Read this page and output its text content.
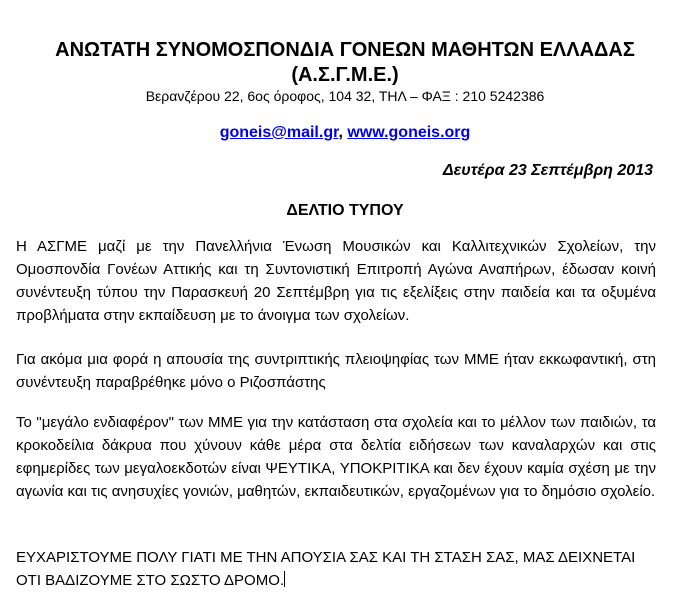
ΑΝΩΤΑΤΗ ΣΥΝΟΜΟΣΠΟΝΔΙΑ ΓΟΝΕΩΝ ΜΑΘΗΤΩΝ ΕΛΛΑΔΑΣ
(Α.Σ.Γ.Μ.Ε.)
Βερανζέρου 22, 6ος όροφος, 104 32, ΤΗΛ – ΦΑΞ : 210 5242386
goneis@mail.gr, www.goneis.org
Δευτέρα 23 Σεπτέμβρη 2013
ΔΕΛΤΙΟ ΤΥΠΟΥ
Η ΑΣΓΜΕ μαζί με την Πανελλήνια Ένωση Μουσικών και Καλλιτεχνικών Σχολείων, την Ομοσπονδία Γονέων Αττικής και τη Συντονιστική Επιτροπή Αγώνα Αναπήρων, έδωσαν κοινή συνέντευξη τύπου την Παρασκευή 20 Σεπτέμβρη για τις εξελίξεις στην παιδεία και τα οξυμένα προβλήματα στην εκπαίδευση με το άνοιγμα των σχολείων.
Για ακόμα μια φορά η απουσία της συντριπτικής πλειοψηφίας των ΜΜΕ ήταν εκκωφαντική, στη συνέντευξη παραβρέθηκε μόνο ο Ριζοσπάστης
Το "μεγάλο ενδιαφέρον" των ΜΜΕ για την κατάσταση στα σχολεία και το μέλλον των παιδιών, τα κροκοδείλια δάκρυα που χύνουν κάθε μέρα στα δελτία ειδήσεων των καναλαρχών και στις εφημερίδες των μεγαλοεκδοτών είναι ΨΕΥΤΙΚΑ, ΥΠΟΚΡΙΤΙΚΑ και δεν έχουν καμία σχέση με την αγωνία και τις ανησυχίες γονιών, μαθητών, εκπαιδευτικών, εργαζομένων για το δημόσιο σχολείο.
ΕΥΧΑΡΙΣΤΟΥΜΕ ΠΟΛΥ ΓΙΑΤΙ ΜΕ ΤΗΝ ΑΠΟΥΣΙΑ ΣΑΣ ΚΑΙ ΤΗ ΣΤΑΣΗ ΣΑΣ, ΜΑΣ ΔΕΙΧΝΕΤΑΙ ΟΤΙ ΒΑΔΙΖΟΥΜΕ ΣΤΟ ΣΩΣΤΟ ΔΡΟΜΟ.
